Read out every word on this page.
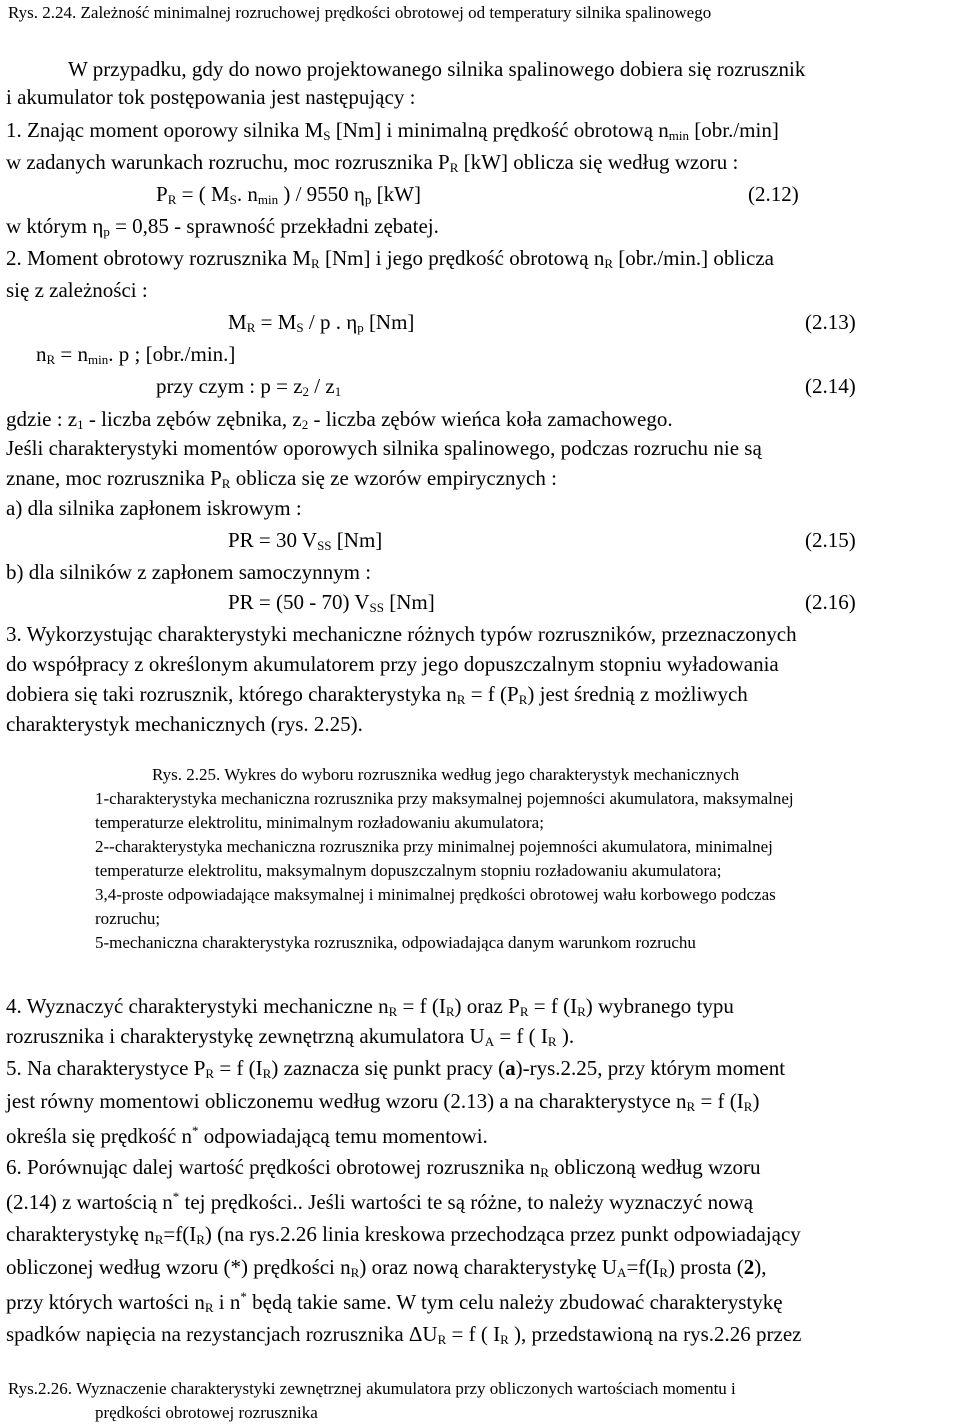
Rys. 2.24. Zależność minimalnej rozruchowej prędkości obrotowej od temperatury silnika spalinowego
W przypadku, gdy do nowo projektowanego silnika spalinowego dobiera się rozrusznik
i akumulator tok postępowania jest następujący :
1. Znając moment oporowy silnika $M_S$ [Nm] i minimalną prędkość obrotową $n_{min}$ [obr./min]
w zadanych warunkach rozruchu, moc rozrusznika $P_R$ [kW] oblicza się według wzoru :
$P_R$ = ( $M_S$. $n_{min}$ ) / 9550 $\eta_p$ [kW]	(2.12)
w którym $\eta_p = 0,85$ - sprawność przekładni zębatej.
2. Moment obrotowy rozrusznika $M_R$ [Nm] i jego prędkość obrotową $n_R$ [obr./min.] oblicza
się z zależności :
$M_R = M_S / p$ . $\eta_p$ [Nm]	(2.13)
$n_R = n_{min}$. p ; [obr./min.]
przy czym : $p = z_2 / z_1$	(2.14)
gdzie : $z_1$ - liczba zębów zębnika, $z_2$ - liczba zębów wieńca koła zamachowego.
Jeśli charakterystyki momentów oporowych silnika spalinowego, podczas rozruchu nie są
znane, moc rozrusznika $P_R$ oblicza się ze wzorów empirycznych :
a) dla silnika zapłonem iskrowym :
PR = 30 $V_{SS}$ [Nm]	(2.15)
b) dla silników z zapłonem samoczynnym :
PR = (50 - 70) $V_{SS}$ [Nm]	(2.16)
3. Wykorzystując charakterystyki mechaniczne różnych typów rozruszników, przeznaczonych
do współpracy z określonym akumulatorem przy jego dopuszczalnym stopniu wyładowania
dobiera się taki rozrusznik, którego charakterystyka $n_R = f$ $(P_R)$ jest średnią z możliwych
charakterystyk mechanicznych (rys. 2.25).
Rys. 2.25. Wykres do wyboru rozrusznika według jego charakterystyk mechanicznych
1-charakterystyka mechaniczna rozrusznika przy maksymalnej pojemności akumulatora, maksymalnej
temperaturze elektrolitu, minimalnym rozładowaniu akumulatora;
2--charakterystyka mechaniczna rozrusznika przy minimalnej pojemności akumulatora, minimalnej
temperaturze elektrolitu, maksymalnym dopuszczalnym stopniu rozładowaniu akumulatora;
3,4-proste odpowiadające maksymalnej i minimalnej prędkości obrotowej wału korbowego podczas
rozruchu;
5-mechaniczna charakterystyka rozrusznika, odpowiadająca danym warunkom rozruchu
4. Wyznaczyć charakterystyki mechaniczne $n_R = f$ $(I_R)$ oraz $P_R = f$ $(I_R)$ wybranego typu
rozrusznika i charakterystykę zewnętrzną akumulatora $U_A = f$ ( $I_R$ ).
5. Na charakterystyce $P_R = f$ $(I_R)$ zaznacza się punkt pracy (a)-rys.2.25, przy którym moment
jest równy momentowi obliczonemu według wzoru (2.13) a na charakterystyce $n_R = f$ $(I_R)$
określa się prędkość n* odpowiadającą temu momentowi.
6. Porównując dalej wartość prędkości obrotowej rozrusznika $n_R$ obliczoną według wzoru
(2.14) z wartością n* tej prędkości.. Jeśli wartości te są różne, to należy wyznaczyć nową
charakterystykę $n_R=f(I_R)$ (na rys.2.26 linia kreskowa przechodząca przez punkt odpowiadający
obliczonej według wzoru (*) prędkości $n_R$) oraz nową charakterystykę $U_A=f(I_R)$ prosta (2),
przy których wartości $n_R$ i n* będą takie same. W tym celu należy zbudować charakterystykę
spadków napięcia na rezystancjach rozrusznika $\Delta U_R = f$ ( $I_R$ ), przedstawioną na rys.2.26 przez
Rys.2.26. Wyznaczenie charakterystyki zewnętrznej akumulatora przy obliczonych wartościach momentu i
prędkości obrotowej rozrusznika
